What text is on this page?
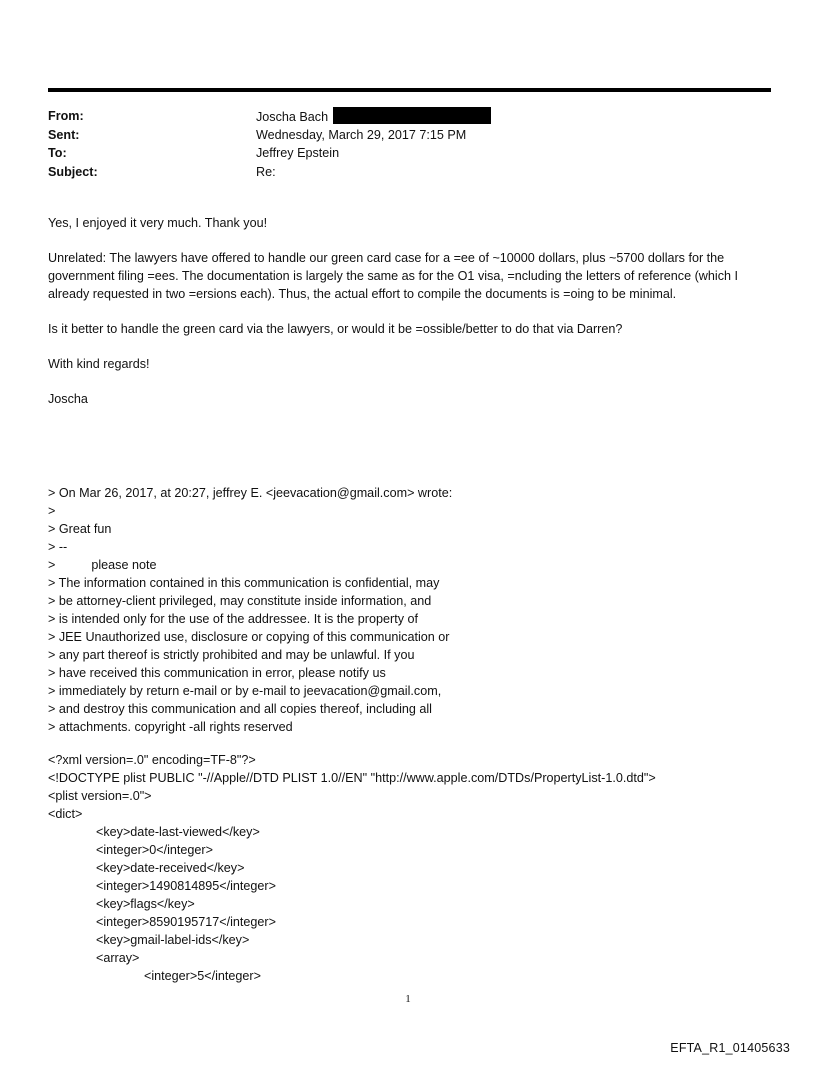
From:	Joscha Bach
Sent:	Wednesday, March 29, 2017 7:15 PM
To:	Jeffrey Epstein
Subject:	Re:

Yes, I enjoyed it very much. Thank you!

Unrelated: The lawyers have offered to handle our green card case for a =ee of ~10000 dollars, plus ~5700 dollars for the government filing =ees. The documentation is largely the same as for the O1 visa, =ncluding the letters of reference (which I already requested in two =ersions each). Thus, the actual effort to compile the documents is =oing to be minimal.

Is it better to handle the green card via the lawyers, or would it be =ossible/better to do that via Darren?

With kind regards!

Joscha

> On Mar 26, 2017, at 20:27, jeffrey E. <jeevacation@gmail.com> wrote:
>
> Great fun
> --
>	please note
> The information contained in this communication is confidential, may
> be attorney-client privileged, may constitute inside information, and
> is intended only for the use of the addressee. It is the property of
> JEE Unauthorized use, disclosure or copying of this communication or
> any part thereof is strictly prohibited and may be unlawful. If you
> have received this communication in error, please notify us
> immediately by return e-mail or by e-mail to jeevacation@gmail.com,
> and destroy this communication and all copies thereof, including all
> attachments. copyright -all rights reserved
<?xml version=.0" encoding=TF-8"?>
<!DOCTYPE plist PUBLIC "-//Apple//DTD PLIST 1.0//EN" "http://www.apple.com/DTDs/PropertyList-1.0.dtd">
<plist version=.0">
<dict>
<key>date-last-viewed</key>
<integer>0</integer>
<key>date-received</key>
<integer>1490814895</integer>
<key>flags</key>
<integer>8590195717</integer>
<key>gmail-label-ids</key>
<array>
<integer>5</integer>
1
EFTA_R1_01405633
